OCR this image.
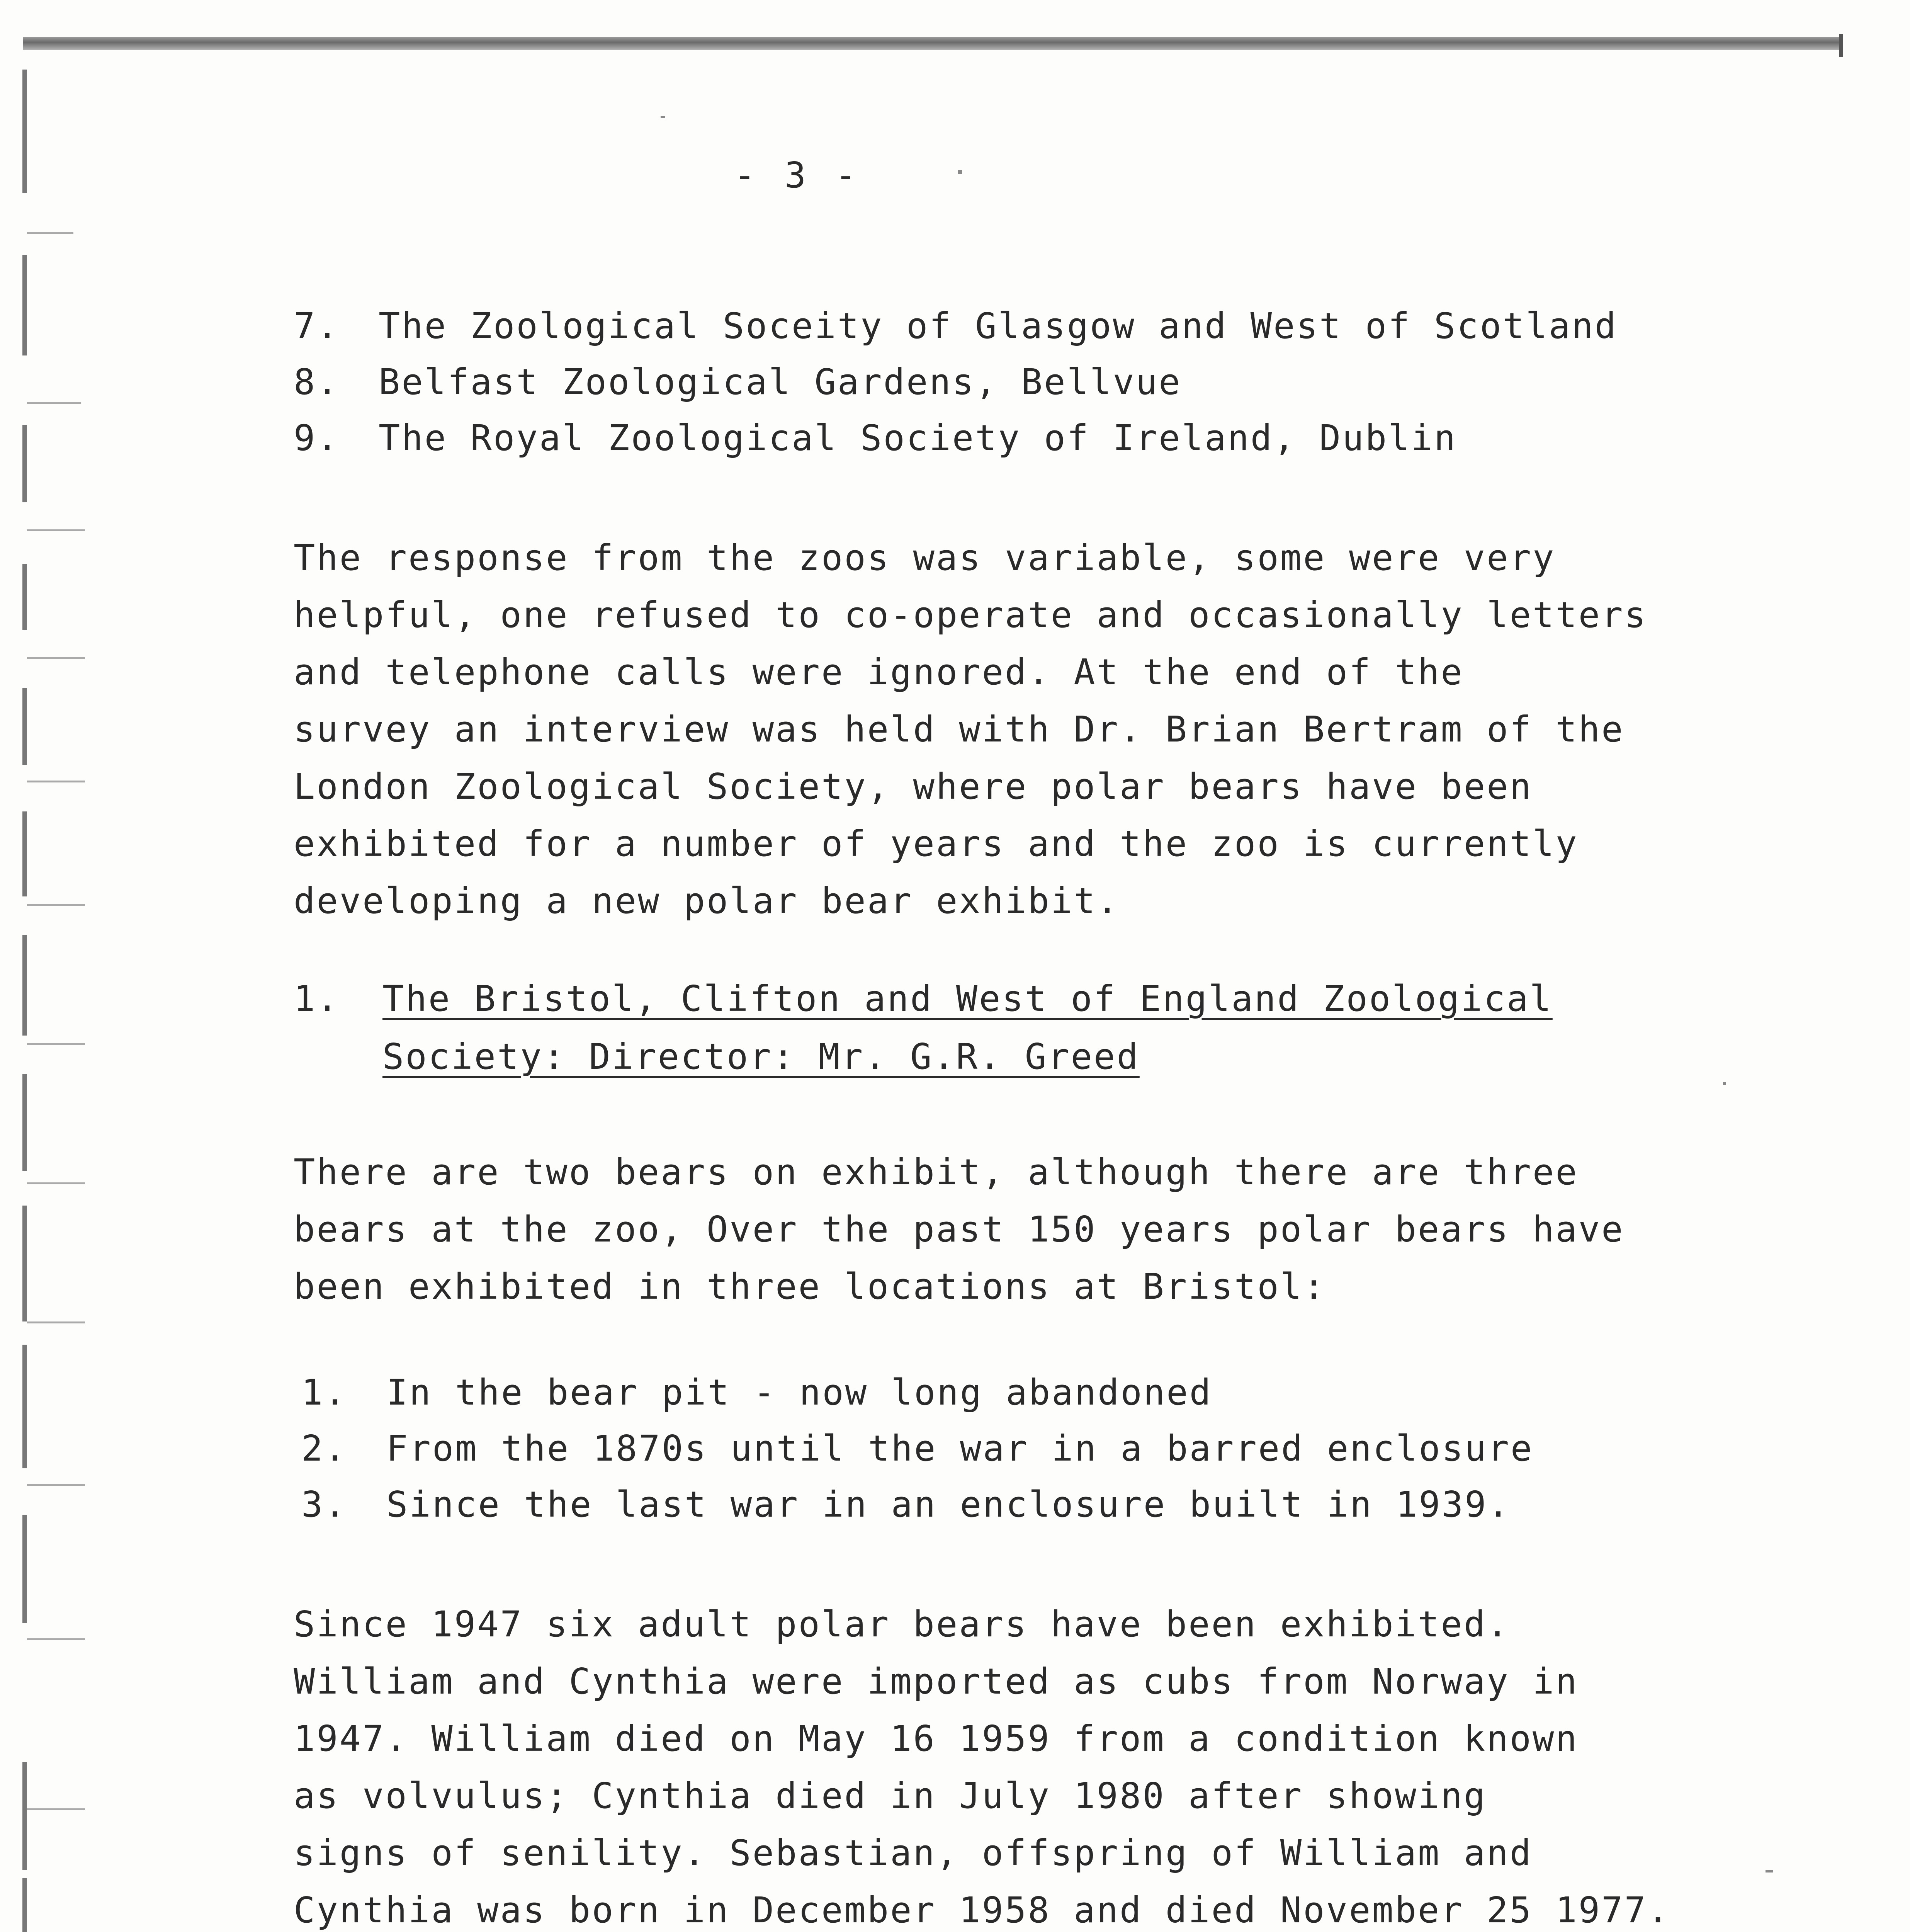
- 3 -
7. The Zoological Soceity of Glasgow and West of Scotland
8. Belfast Zoological Gardens, Bellvue
9. The Royal Zoological Society of Ireland, Dublin
The response from the zoos was variable, some were very
helpful, one refused to co-operate and occasionally letters
and telephone calls were ignored. At the end of the
survey an interview was held with Dr. Brian Bertram of the
London Zoological Society, where polar bears have been
exhibited for a number of years and the zoo is currently
developing a new polar bear exhibit.
1. The Bristol, Clifton and West of England Zoological
Society: Director: Mr. G.R. Greed
There are two bears on exhibit, although there are three
bears at the zoo, Over the past 150 years polar bears have
been exhibited in three locations at Bristol:
1. In the bear pit - now long abandoned
2. From the 1870s until the war in a barred enclosure
3. Since the last war in an enclosure built in 1939.
Since 1947 six adult polar bears have been exhibited.
William and Cynthia were imported as cubs from Norway in
1947. William died on May 16 1959 from a condition known
as volvulus; Cynthia died in July 1980 after showing
signs of senility. Sebastian, offspring of William and
Cynthia was born in December 1958 and died November 25 1977.
